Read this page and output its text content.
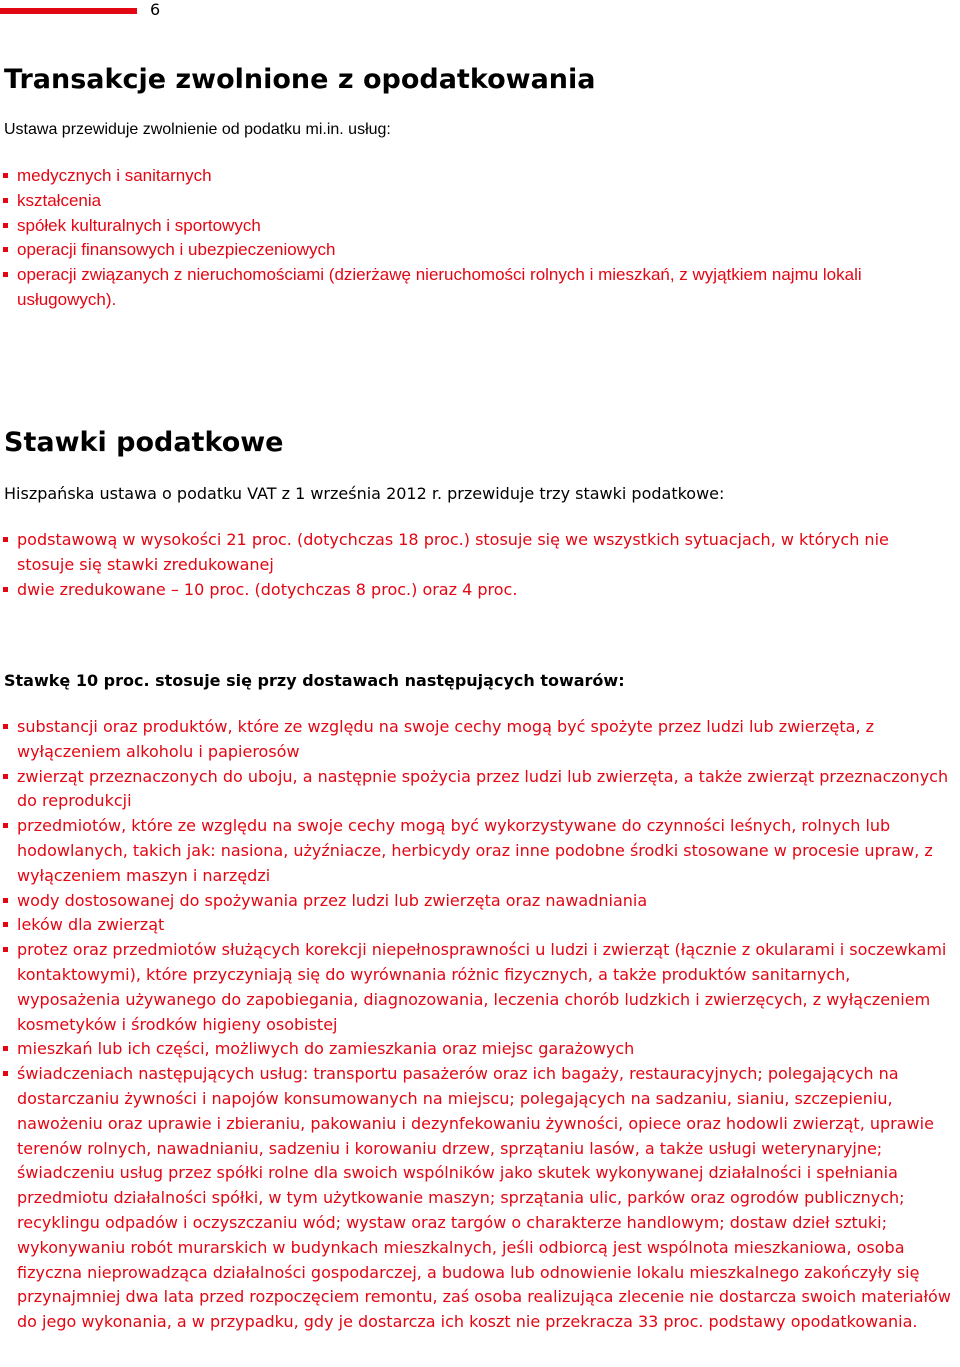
6
Transakcje zwolnione z opodatkowania

Ustawa przewiduje zwolnienie od podatku mi.in. usług:

medycznych i sanitarnych
kształcenia
spółek kulturalnych i sportowych
operacji finansowych i ubezpieczeniowych
operacji związanych z nieruchomościami (dzierżawę nieruchomości rolnych i mieszkań, z wyjątkiem najmu lokali usługowych).
Stawki podatkowe

Hiszpańska ustawa o podatku VAT z 1 września 2012 r. przewiduje trzy stawki podatkowe:

podstawową w wysokości 21 proc. (dotychczas 18 proc.) stosuje się we wszystkich sytuacjach, w których nie stosuje się stawki zredukowanej
dwie zredukowane – 10 proc. (dotychczas 8 proc.) oraz 4 proc.

Stawkę 10 proc. stosuje się przy dostawach następujących towarów:

substancji oraz produktów, które ze względu na swoje cechy mogą być spożyte przez ludzi lub zwierzęta, z wyłączeniem alkoholu i papierosów
zwierząt przeznaczonych do uboju, a następnie spożycia przez ludzi lub zwierzęta, a także zwierząt przeznaczonych do reprodukcji
przedmiotów, które ze względu na swoje cechy mogą być wykorzystywane do czynności leśnych, rolnych lub hodowlanych, takich jak: nasiona, użyźniacze, herbicydy oraz inne podobne środki stosowane w procesie upraw, z wyłączeniem maszyn i narzędzi
wody dostosowanej do spożywania przez ludzi lub zwierzęta oraz nawadniania
leków dla zwierząt
protez oraz przedmiotów służących korekcji niepełnosprawności u ludzi i zwierząt (łącznie z okularami i soczewkami kontaktowymi), które przyczyniają się do wyrównania różnic fizycznych, a także produktów sanitarnych, wyposażenia używanego do zapobiegania, diagnozowania, leczenia chorób ludzkich i zwierzęcych, z wyłączeniem kosmetyków i środków higieny osobistej
mieszkań lub ich części, możliwych do zamieszkania oraz miejsc garażowych
świadczeniach następujących usług: transportu pasażerów oraz ich bagaży, restauracyjnych; polegających na dostarczaniu żywności i napojów konsumowanych na miejscu; polegających na sadzaniu, sianiu, szczepieniu, nawożeniu oraz uprawie i zbieraniu, pakowaniu i dezynfekowaniu żywności, opiece oraz hodowli zwierząt, uprawie terenów rolnych, nawadnianiu, sadzeniu i korowaniu drzew, sprzątaniu lasów, a także usługi weterynaryjne; świadczeniu usług przez spółki rolne dla swoich wspólników jako skutek wykonywanej działalności i spełniania przedmiotu działalności spółki, w tym użytkowanie maszyn; sprzątania ulic, parków oraz ogrodów publicznych; recyklingu odpadów i oczyszczaniu wód; wystaw oraz targów o charakterze handlowym; dostaw dzieł sztuki; wykonywaniu robót murarskich w budynkach mieszkalnych, jeśli odbiorcą jest wspólnota mieszkaniowa, osoba fizyczna nieprowadząca działalności gospodarczej, a budowa lub odnowienie lokalu mieszkalnego zakończyły się przynajmniej dwa lata przed rozpoczęciem remontu, zaś osoba realizująca zlecenie nie dostarcza swoich materiałów do jego wykonania, a w przypadku, gdy je dostarcza ich koszt nie przekracza 33 proc. podstawy opodatkowania.
